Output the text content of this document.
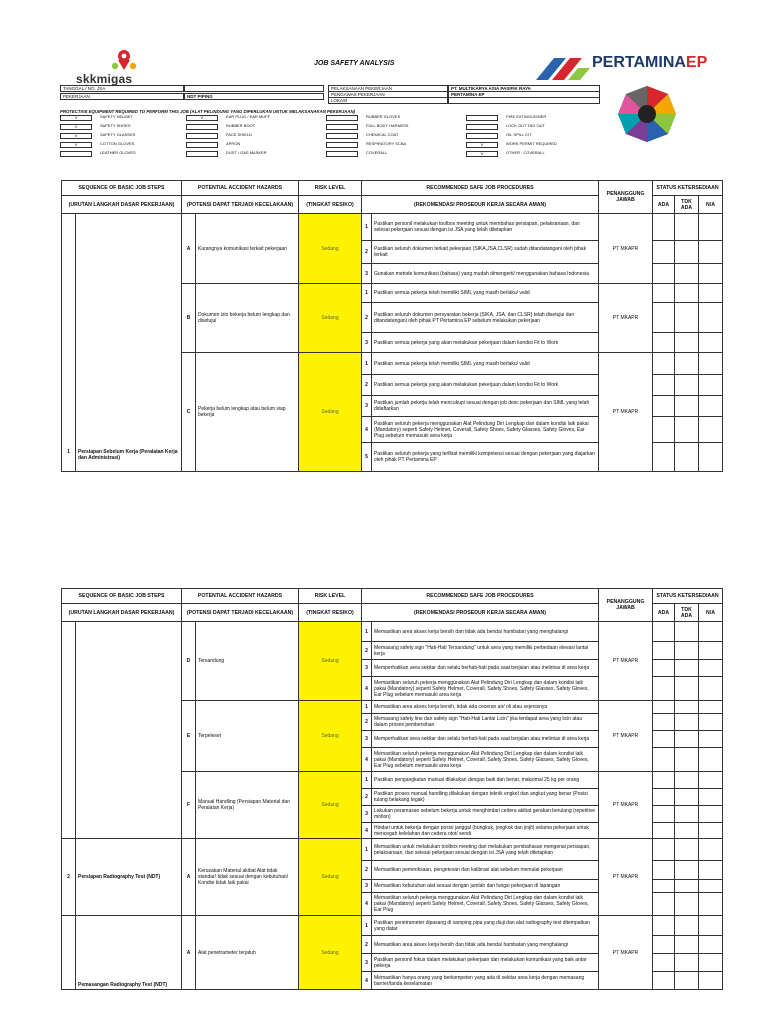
skkmigas
JOB SAFETY ANALYSIS	PERTAMINAEP
TANGGAL / NO. JSA
PEKERJAAN	NDT PIPING
PELAKSANAAN PEKERJAAN	PT. MULTIKARYA ASIA PASIFIK RAYA
PENGAWAS PEKERJAAN	PERTAMINA EP
LOKASI
PROTECTIVE EQUIPMENT REQUIRED TO PERFORM THIS JOB (ALAT PELINDUNG YANG DIPERLUKAN UNTUK MELAKSANAKAN PEKERJAAN)
V	SAFETY HELMET
V	SAFETY SHOES
V	SAFETY GLASSES
V	COTTON GLOVES
LEATHER GLOVES
V	EAR PLUG / EAR MUFF
RUBBER BOOT
FACE SHIELD
APRON
DUST / GAS MASKER
RUBBER GLOVES
FULL BODY HARNESS
CHEMICAL COAT
RESPIRATORY SCBA
COVERALL
FIRE EXTINGUISHER
LOCK OUT TAG OUT
OIL SPILL KIT
V	WORK PERMIT REQUIRED
V	OTHER : COVERALL
SEQUENCE OF BASIC JOB STEPS		POTENTIAL ACCIDENT HAZARDS		RISK LEVEL	RECOMMENDED SAFE JOB PROCEDURES		PENANGGUNG JAWAB	STATUS KETERSEDIAAN		
(URUTAN LANGKAH DASAR PEKERJAAN)		(POTENSI DAPAT TERJADI KECELAKAAN)		(TINGKAT RESIKO)	(REKOMENDASI PROSEDUR KERJA SECARA AMAN)			ADA	TDK ADA	N/A
1	Persiapan Sebelum Kerja (Peralatan Kerja dan Administrasi)	A	Kurangnya komunikasi terkait pekerjaan	Sedang	1	Pastikan personil melakukan toolbox meeting untuk membahas persiapan, pelaksanaan, dan selesai pekerjaan sesuai dengan isi JSA yang telah ditetapkan	PT MKAPR			
					2	Pastikan seluruh dokumen terkait pekerjaan (SIKA,JSA,CLSR) sudah ditandatangani oleh pihak terkait				
					3	Gunakan metode komunikasi (bahasa) yang mudah dimengerti/ menggunakan bahasa Indonesia				
		B	Dokumen izin bekerja belum lengkap dan disetujui	Sedang	1	Pastikan semua pekerja telah memiliki SIML yang masih berlaku/ valid	PT MKAPR			
					2	Pastikan seluruh dokumen persyaratan bekerja (SIKA, JSA, dan CLSR) telah disetujui dan ditandatangani oleh pihak PT Pertamina EP sebelum melakukan pekerjaan				
					3	Pastikan semua pekerja yang akan melakukan pekerjaan dalam kondisi Fit to Work				
		C	Pekerja belum lengkap atau belum siap bekerja	Sedang	1	Pastikan semua pekerja telah memiliki SIML yang masih berlaku/ valid	PT MKAPR			
					2	Pastikan semua pekerja yang akan melakukan pekerjaan dalam kondisi Fit to Work				
					3	Pastikan jumlah pekerja telah mencukupi sesuai dengan job desc pekerjaan dan SIML yang telah didaftarkan				
					4	Pastikan seluruh pekerja menggunakan Alat Pelindung Diri Lengkap dan dalam kondisi laik pakai (Mandatory) seperti Safety Helmet, Coverall, Safety Shoes, Safety Glasses, Safety Gloves, Ear Plug sebelum memasuki area kerja				
					5	Pastikan seluruh pekerja yang terlibat memiliki kompetensi sesuai dengan pekerjaan yang diajarkan oleh pihak PT Pertamina EP				
SEQUENCE OF BASIC JOB STEPS		POTENTIAL ACCIDENT HAZARDS		RISK LEVEL	RECOMMENDED SAFE JOB PROCEDURES		PENANGGUNG JAWAB	STATUS KETERSEDIAAN		
(URUTAN LANGKAH DASAR PEKERJAAN)		(POTENSI DAPAT TERJADI KECELAKAAN)		(TINGKAT RESIKO)	(REKOMENDASI PROSEDUR KERJA SECARA AMAN)			ADA	TDK ADA	N/A
		D	Tersandung	Sedang	1	Memastikan area akses kerja bersih dan tidak ada benda/ hambatan yang menghalangi	PT MKAPR			
					2	Memasang safety sign "Hati-Hati Tersandung" untuk area yang memiliki perbedaan elevasi lantai kerja				
					3	Memperhatikan area sekitar dan selalu berhati-hati pada saat berjalan atau melintas di area kerja				
					4	Memastikan seluruh pekerja menggunakan Alat Pelindung Diri Lengkap dan dalam kondisi laik pakai (Mandatory) seperti Safety Helmet, Coverall, Safety Shoes, Safety Glasses, Safety Gloves, Ear Plug sebelum memasuki area kerja				
		E	Terpeleset	Sedang	1	Memastikan area akses kerja bersih, tidak ada ceceran air/ oli atau sejenisnya	PT MKAPR			
					2	Memasang safety line dan safety sign "Hati-Hati Lantai Licin" jika terdapat area yang licin atau dalam proses pembersihan				
					3	Memperhatikan area sekitar dan selalu berhati-hati pada saat berjalan atau melintas di area kerja				
					4	Memastikan seluruh pekerja menggunakan Alat Pelindung Diri Lengkap dan dalam kondisi laik pakai (Mandatory) seperti Safety Helmet, Coverall, Safety Shoes, Safety Glasses, Safety Gloves, Ear Plug sebelum memasuki area kerja				
		F	Manual Handling (Persiapan Material dan Peralatan Kerja)	Sedang	1	Pastikan pengangkatan manual dilakukan dengan baik dan benar, maksimal 25 kg per orang	PT MKAPR			
					2	Pastikan proses manual handling dilakukan dengan teknik engkel dan angkut yang benar (Posisi tulang belakang tegak)				
					3	Lakukan peramasan sebelum bekerja untuk menghindari cedera akibat gerakan berulang (repetitive motion)				
					4	Hindari untuk bekerja dengan posisi janggal (bungkuk, jongkok dan jinjit) selama pekerjaan untuk mencegah kelelahan dan cedera otot/ sendi				
2	Persiapan Radiography Test (NDT)	A	Kerusakan Material akibat Alat tidak standar/ tidak sesuai dengan kebutuhan/ Kondisi tidak laik pakai	Sedang	1	Memastikan untuk melakukan toolbox meeting dan melakukan pembahasan mengenai persiapan, pelaksanaan, dan selesai pekerjaan sesuai dengan isi JSA yang telah ditetapkan	PT MKAPR			
					2	Memastikan pemeriksaan, pengetesan dan kalibrasi alat sebelum memulai pekerjaan				
					3	Memastikan kebutuhan alat sesuai dengan jumlah dan fungsi pekerjaan di lapangan				
					4	Memastikan seluruh pekerja menggunakan Alat Pelindung Diri Lengkap dan dalam kondisi laik pakai (Mandatory) seperti Safety Helmet, Coverall, Safety Shoes, Safety Glasses, Safety Gloves, Ear Plug				
	Pemasangan Radiography Test (NDT)	A	Alat penetrameter terjatuh	Sedang	1	Pastikan penetrameter dipasang di samping pipa yang diuji dan alat radiography test ditempatkan yang datar	PT MKAPR			
					2	Memastikan area akses kerja bersih dan tidak ada benda/ hambatan yang menghalangi				
					3	Pastikan personil fokus dalam melakukan pekerjaan dan melakukan komunikasi yang baik antar pekerja				
					4	Memastikan hanya orang yang berkompeten yang ada di sekitar area kerja dengan memasang barrier/tanda keselamatan				
